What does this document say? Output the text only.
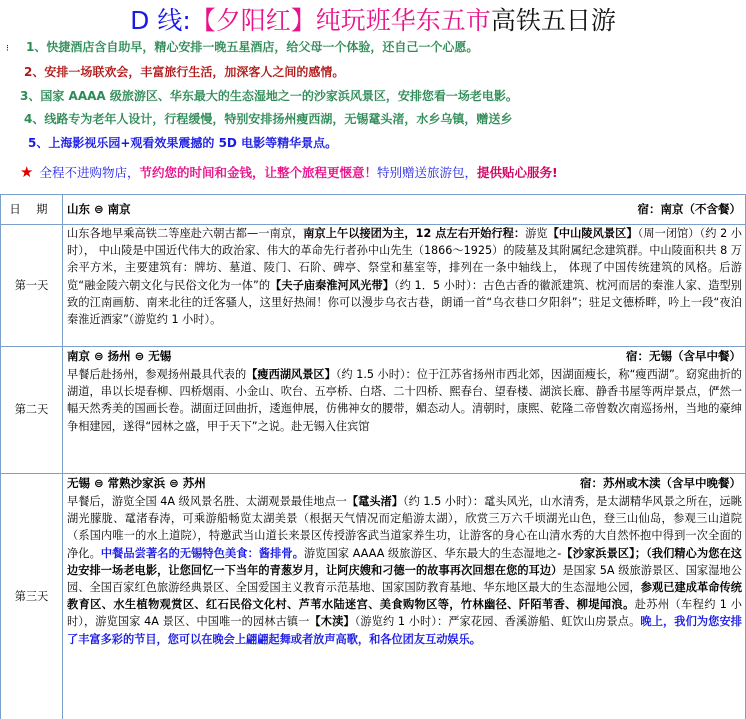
D 线:【夕阳红】纯玩班华东五市高铁五日游
⁝ 1、快捷酒店含自助早，精心安排一晚五星酒店，给父母一个体验，还自己一个心愿。
2、安排一场联欢会，丰富旅行生活，加深客人之间的感情。
3、国家 AAAA 级旅游区、华东最大的生态湿地之一的沙家浜风景区，安排您看一场老电影。
4、线路专为老年人设计，行程缓慢，特别安排扬州瘦西湖，无锡鼋头渚，水乡乌镇，赠送乡
5、上海影视乐园+观看效果震撼的 5D 电影等精华景点。
★ 全程不进购物店，节约您的时间和金钱，让整个旅程更惬意！特别赠送旅游包，提供贴心服务!
日 期	山东 ⊜ 南京 宿：南京（不含餐）

第一天	山东各地早乘高铁二等座赴六朝古都—一南京，南京上午以接团为主，12 点左右开始行程：游览【中山陵风景区】（周一闭馆）（约 2 小时）， 中山陵是中国近代伟大的政治家、伟大的革命先行者孙中山先生（1866～1925）的陵墓及其附属纪念建筑群。中山陵面积共 8 万余平方米，主要建筑有：牌坊、墓道、陵门、石阶、碑亭、祭堂和墓室等，排列在一条中轴线上， 体现了中国传统建筑的风格。后游览“融金陵六朝文化与民俗文化为一体”的【夫子庙秦淮河风光带】（约 1．5 小时）：古色古香的徽派建筑、枕河而居的秦淮人家、造型别致的江南画舫、南来北往的迁客骚人，这里好热闹！你可以漫步乌衣古巷，朗诵一首“乌衣巷口夕阳斜”；驻足文德桥畔，吟上一段“夜泊秦淮近酒家”（游览约 1 小时）。

第二天	南京 ⊜ 扬州 ⊜ 无锡 宿：无锡（含早中餐）
早餐后赴扬州，参观扬州最具代表的【瘦西湖风景区】（约 1.5 小时）：位于江苏省扬州市西北郊，因湖面瘦长，称“瘦西湖”。窈窕曲折的湖道，串以长堤春柳、四桥烟雨、小金山、吹台、五亭桥、白塔、二十四桥、熙春台、望春楼、湖滨长廊、静香书屋等两岸景点，俨然一幅天然秀美的国画长卷。湖面迂回曲折，逶迤伸展，仿佛神女的腰带，媚态动人。清朝时，康熙、乾隆二帝曾数次南巡扬州，当地的豪绅争相建园，遂得“园林之盛，甲于天下”之说。赴无锡入住宾馆

第三天	无锡 ⊜ 常熟沙家浜 ⊜ 苏州 宿：苏州或木渎（含早中晚餐）
早餐后，游览全国 4A 级风景名胜、太湖观景最佳地点一【鼋头渚】（约 1.5 小时）：鼋头风光，山水清秀，是太湖精华风景之所在，远眺湖光朦胧、鼋渚春涛，可乘游船畅览太湖美景（根据天气情况而定船游太湖），欣赏三万六千顷湖光山色，登三山仙岛，参观三山道院（系国内唯一的水上道院），特邀武当山道长来景区传授游客武当道家养生功，让游客的身心在山清水秀的大自然怀抱中得到一次全面的净化。中餐品尝著名的无锡特色美食：酱排骨。游览国家 AAAA 级旅游区、华东最大的生态湿地之-【沙家浜景区】；（我们精心为您在这边安排一场老电影，让您回忆一下当年的青葱岁月，让阿庆嫂和刁德一的故事再次回想在您的耳边）是国家 5A 级旅游景区、国家湿地公园、全国百家红色旅游经典景区、全国爱国主义教育示范基地、国家国防教育基地、华东地区最大的生态湿地公园，参观已建成革命传统教育区、水生植物观赏区、红石民俗文化村、芦苇水陆迷宫、美食购物区等，竹林幽径、阡陌苇香、柳堤闻浪。赴苏州（车程约 1 小时），游览国家 4A 景区、中国唯一的园林古镇一【木渎】（游览约 1 小时）：严家花园、香溪游船、虹饮山房景点。晚上，我们为您安排了丰富多彩的节目，您可以在晚会上翩翩起舞或者放声高歌，和各位团友互动娱乐。
